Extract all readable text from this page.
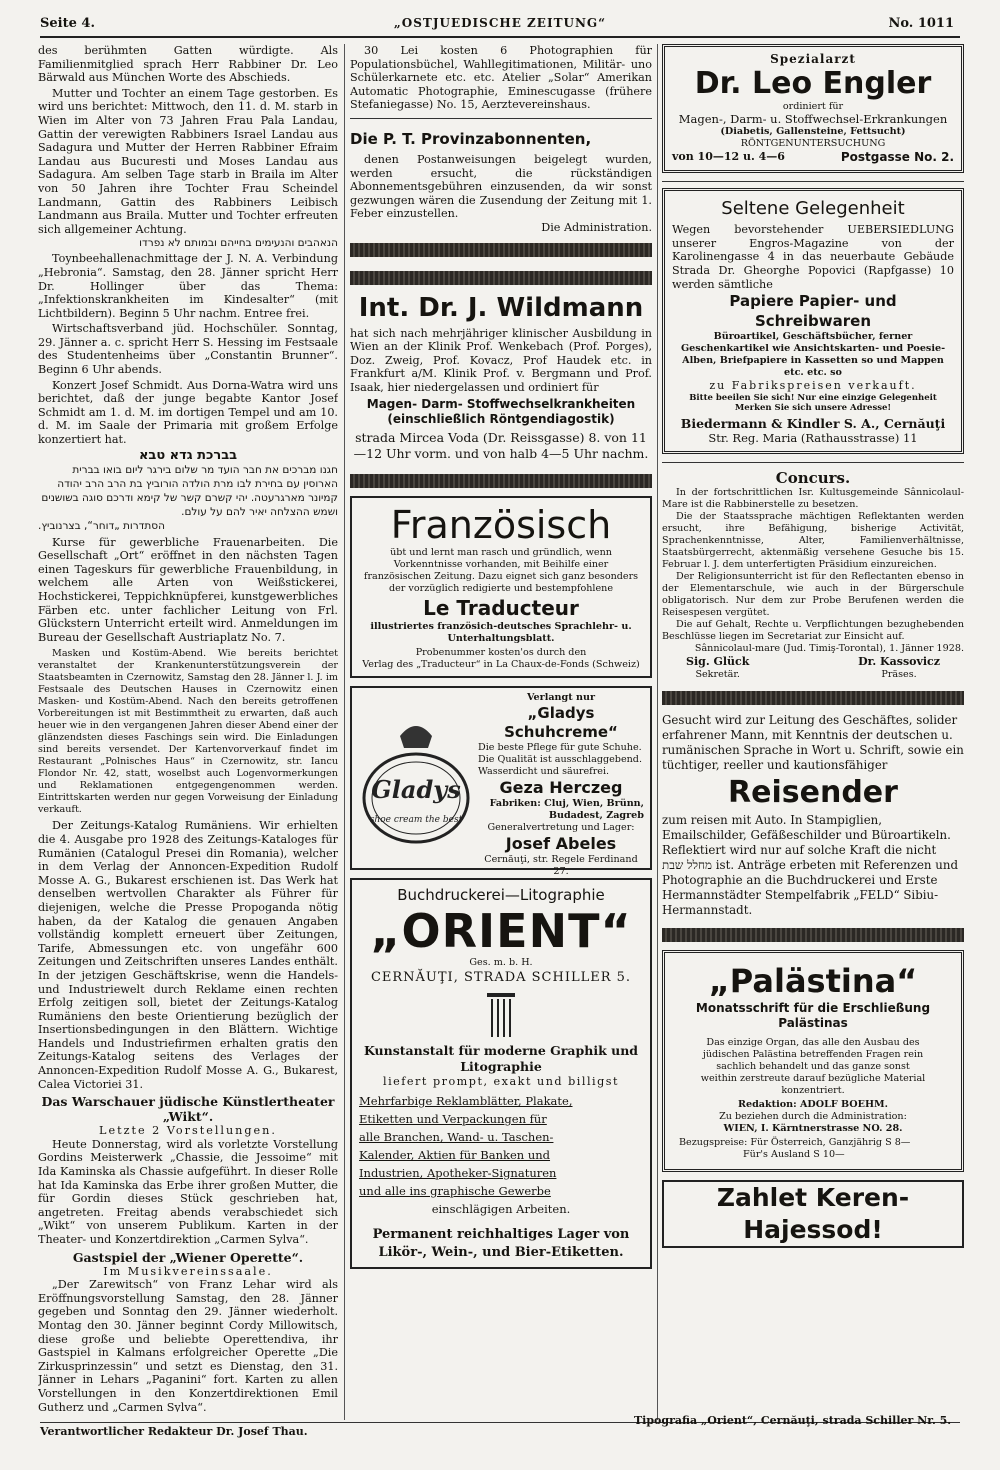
Seite 4.	„OSTJUEDISCHE ZEITUNG“	No. 1011

des berühmten Gatten würdigte. Als Familienmitglied sprach Herr Rabbiner Dr. Leo Bärwald aus München Worte des Abschieds.

Mutter und Tochter an einem Tage gestorben. Es wird uns berichtet: Mittwoch, den 11. d. M. starb in Wien im Alter von 73 Jahren Frau Pala Landau, Gattin der verewigten Rabbiners Israel Landau aus Sadagura und Mutter der Herren Rabbiner Efraim Landau aus Bucuresti und Moses Landau aus Sadagura. Am selben Tage starb in Braila im Alter von 50 Jahren ihre Tochter Frau Scheindel Landmann, Gattin des Rabbiners Leibisch Landmann aus Braila. Mutter und Tochter erfreuten sich allgemeiner Achtung.

הנאהבים והנעימים בחייהם ובמותם לא נפרדו

Toynbeehallenachmittage der J. N. A. Verbindung „Hebronia“. Samstag, den 28. Jänner spricht Herr Dr. Hollinger über das Thema: „Infektionskrankheiten im Kindesalter“ (mit Lichtbildern). Beginn 5 Uhr nachm. Entree frei.

Wirtschaftsverband jüd. Hochschüler. Sonntag, 29. Jänner a. c. spricht Herr S. Hessing im Festsaale des Studentenheims über „Constantin Brunner“. Beginn 6 Uhr abends.

Konzert Josef Schmidt. Aus Dorna-Watra wird uns berichtet, daß der junge begabte Kantor Josef Schmidt am 1. d. M. im dortigen Tempel und am 10. d. M. im Saale der Primaria mit großem Erfolge konzertiert hat.

בברכת גדא טבא

חגנו מברכים את חבר הועד מר שלום בירגר ליום בואו בברית הארוסין עם בחירת לבו מרת הולדה הורוביץ בת הרב הרב יהודה קמיונר מארגרעטה. יהי קשרם קשר של קימא ודרכם סוגה בשושנים ושמש ההצלחה יאיר להם על עולם.

הסתדרות „דוחר“, בצרנוביץ.

Kurse für gewerbliche Frauenarbeiten. Die Gesellschaft „Ort“ eröffnet in den nächsten Tagen einen Tageskurs für gewerbliche Frauenbildung, in welchem alle Arten von Weißstickerei, Hochstickerei, Teppichknüpferei, kunstgewerbliches Färben etc. unter fachlicher Leitung von Frl. Glückstern Unterricht erteilt wird. Anmeldungen im Bureau der Gesellschaft Austriaplatz No. 7.

Masken und Kostüm-Abend. Wie bereits berichtet veranstaltet der Krankenunterstützungsverein der Staatsbeamten in Czernowitz, Samstag den 28. Jänner l. J. im Festsaale des Deutschen Hauses in Czernowitz einen Masken- und Kostüm-Abend. Nach den bereits getroffenen Vorbereitungen ist mit Bestimmtheit zu erwarten, daß auch heuer wie in den vergangenen Jahren dieser Abend einer der glänzendsten dieses Faschings sein wird. Die Einladungen sind bereits versendet. Der Kartenvorverkauf findet im Restaurant „Polnisches Haus“ in Czernowitz, str. Iancu Flondor Nr. 42, statt, woselbst auch Logenvormerkungen und Reklamationen entgegengenommen werden. Eintrittskarten werden nur gegen Vorweisung der Einladung verkauft.

Der Zeitungs-Katalog Rumäniens. Wir erhielten die 4. Ausgabe pro 1928 des Zeitungs-Kataloges für Rumänien (Catalogul Presei din Romania), welcher in dem Verlag der Annoncen-Expedition Rudolf Mosse A. G., Bukarest erschienen ist. Das Werk hat denselben wertvollen Charakter als Führer für diejenigen, welche die Presse Propoganda nötig haben, da der Katalog die genauen Angaben vollständig komplett erneuert über Zeitungen, Tarife, Abmessungen etc. von ungefähr 600 Zeitungen und Zeitschriften unseres Landes enthält. In der jetzigen Geschäftskrise, wenn die Handels- und Industriewelt durch Reklame einen rechten Erfolg zeitigen soll, bietet der Zeitungs-Katalog Rumäniens den beste Orientierung bezüglich der Insertionsbedingungen in den Blättern. Wichtige Handels und Industriefirmen erhalten gratis den Zeitungs-Katalog seitens des Verlages der Annoncen-Expedition Rudolf Mosse A. G., Bukarest, Calea Victoriei 31.

Das Warschauer jüdische Künstlertheater „Wikt“.

Letzte 2 Vorstellungen.

Heute Donnerstag, wird als vorletzte Vorstellung Gordins Meisterwerk „Chassie, die Jessoime“ mit Ida Kaminska als Chassie aufgeführt. In dieser Rolle hat Ida Kaminska das Erbe ihrer großen Mutter, die für Gordin dieses Stück geschrieben hat, angetreten. Freitag abends verabschiedet sich „Wikt“ von unserem Publikum. Karten in der Theater- und Konzertdirektion „Carmen Sylva“.

Gastspiel der „Wiener Operette“.

Im Musikvereinssaale.

„Der Zarewitsch“ von Franz Lehar wird als Eröffnungsvorstellung Samstag, den 28. Jänner gegeben und Sonntag den 29. Jänner wiederholt. Montag den 30. Jänner beginnt Cordy Millowitsch, diese große und beliebte Operettendiva, ihr Gastspiel in Kalmans erfolgreicher Operette „Die Zirkusprinzessin“ und setzt es Dienstag, den 31. Jänner in Lehars „Paganini“ fort. Karten zu allen Vorstellungen in den Konzertdirektionen Emil Gutherz und „Carmen Sylva“.

30 Lei kosten 6 Photographien für Populationsbüchel, Wahllegitimationen, Militär- uno Schülerkarnete etc. etc. Atelier „Solar“ Amerikan Automatic Photographie, Eminescugasse (frühere Stefaniegasse) No. 15, Aerztevereinshaus.

Die P. T. Provinzabonnenten,

denen Postanweisungen beigelegt wurden, werden ersucht, die rückständigen Abonnementsgebühren einzusenden, da wir sonst gezwungen wären die Zusendung der Zeitung mit 1. Feber einzustellen.

Die Administration.

Int. Dr. J. Wildmann

hat sich nach mehrjähriger klinischer Ausbildung in Wien an der Klinik Prof. Wenkebach (Prof. Porges), Doz. Zweig, Prof. Kovacz, Prof Haudek etc. in Frankfurt a/M. Klinik Prof. v. Bergmann und Prof. Isaak, hier niedergelassen und ordiniert für

Magen- Darm- Stoffwechselkrankheiten (einschließlich Röntgendiagostik)

strada Mircea Voda (Dr. Reissgasse) 8. von 11—12 Uhr vorm. und von halb 4—5 Uhr nachm.

Französisch

übt und lernt man rasch und gründlich, wenn Vorkenntnisse vorhanden, mit Beihilfe einer französischen Zeitung. Dazu eignet sich ganz besonders der vorzüglich redigierte und bestempfohlene

Le Traducteur

illustriertes französich-deutsches Sprachlehr- u. Unterhaltungsblatt.

Probenummer kosten'os durch den

Verlag des „Traducteur“ in La Chaux-de-Fonds (Schweiz)

Gladys
shoe cream the best

Verlangt nur

„Gladys Schuhcreme“

Die beste Pflege für gute Schuhe. Die Qualität ist ausschlaggebend. Wasserdicht und säurefrei.

Geza Herczeg

Fabriken: Cluj, Wien, Brünn, Budadest, Zagreb

Generalvertretung und Lager:

Josef Abeles

Cernăuţi, str. Regele Ferdinand 27.

Buchdruckerei—Litographie

„ORIENT“

Ges. m. b. H.

CERNĂUŢI, STRADA SCHILLER 5.

Kunstanstalt für moderne Graphik und Litographie

liefert prompt, exakt und billigst

Mehrfarbige Reklamblätter, Plakate,

Etiketten und Verpackungen für

alle Branchen, Wand- u. Taschen-

Kalender, Aktien für Banken und

Industrien, Apotheker-Signaturen

und alle ins graphische Gewerbe

einschlägigen Arbeiten.

Permanent reichhaltiges Lager von Likör-, Wein-, und Bier-Etiketten.

Spezialarzt

Dr. Leo Engler

ordiniert für

Magen-, Darm- u. Stoffwechsel-Erkrankungen

(Diabetis, Gallensteine, Fettsucht)

RÖNTGENUNTERSUCHUNG

von 10—12 u. 4—6	Postgasse No. 2.

Seltene Gelegenheit

Wegen bevorstehender UEBERSIEDLUNG unserer Engros-Magazine von der Karolinengasse 4 in das neuerbaute Gebäude Strada Dr. Gheorghe Popovici (Rapfgasse) 10 werden sämtliche

Papiere Papier- und Schreibwaren

Büroartikel, Geschäftsbücher, ferner Geschenkartikel wie Ansichtskarten- und Poesie-Alben, Briefpapiere in Kassetten so und Mappen etc. etc. so

zu Fabrikspreisen verkauft.

Bitte beeilen Sie sich! Nur eine einzige Gelegenheit Merken Sie sich unsere Adresse!

Biedermann & Kindler S. A., Cernăuţi

Str. Reg. Maria (Rathausstrasse) 11

Concurs.

In der fortschrittlichen Isr. Kultusgemeinde Sânnicolaul-Mare ist die Rabbinerstelle zu besetzen.

Die der Staatssprache mächtigen Reflektanten werden ersucht, ihre Befähigung, bisherige Activität, Sprachenkenntnisse, Alter, Familienverhältnisse, Staatsbürgerrecht, aktenmäßig versehene Gesuche bis 15. Februar l. J. dem unterfertigten Präsidium einzureichen.

Der Religionsunterricht ist für den Reflectanten ebenso in der Elementarschule, wie auch in der Bürgerschule obligatorisch. Nur dem zur Probe Berufenen werden die Reisespesen vergütet.

Die auf Gehalt, Rechte u. Verpflichtungen bezughebenden Beschlüsse liegen im Secretariat zur Einsicht auf.

Sânnicolaul-mare (Jud. Timiş-Torontal), 1. Jänner 1928.

Sig. Glück

Sekretär.

Dr. Kassovicz

Präses.

Gesucht wird zur Leitung des Geschäftes, solider erfahrener Mann, mit Kenntnis der deutschen u. rumänischen Sprache in Wort u. Schrift, sowie ein tüchtiger, reeller und kautionsfähiger

Reisender

zum reisen mit Auto. In Stampiglien, Emailschilder, Gefäßeschilder und Büroartikeln. Reflektiert wird nur auf solche Kraft die nicht מחלל שבת ist. Anträge erbeten mit Referenzen und Photographie an die Buchdruckerei und Erste Hermannstädter Stempelfabrik „FELD“ Sibiu-Hermannstadt.

„Palästina“

Monatsschrift für die Erschließung Palästinas

Das einzige Organ, das alle den Ausbau des jüdischen Palästina betreffenden Fragen rein sachlich behandelt und das ganze sonst weithin zerstreute darauf bezügliche Material konzentriert.

Redaktion: ADOLF BOEHM.

Zu beziehen durch die Administration:

WIEN, I. Kärntnerstrasse NO. 28.

Bezugspreise: Für Österreich, Ganzjährig S 8—

Für's Ausland S 10—

Zahlet Keren-Hajessod!

Verantwortlicher Redakteur Dr. Josef Thau.
Tipografia „Orient“, Cernăuţi, strada Schiller Nr. 5.
